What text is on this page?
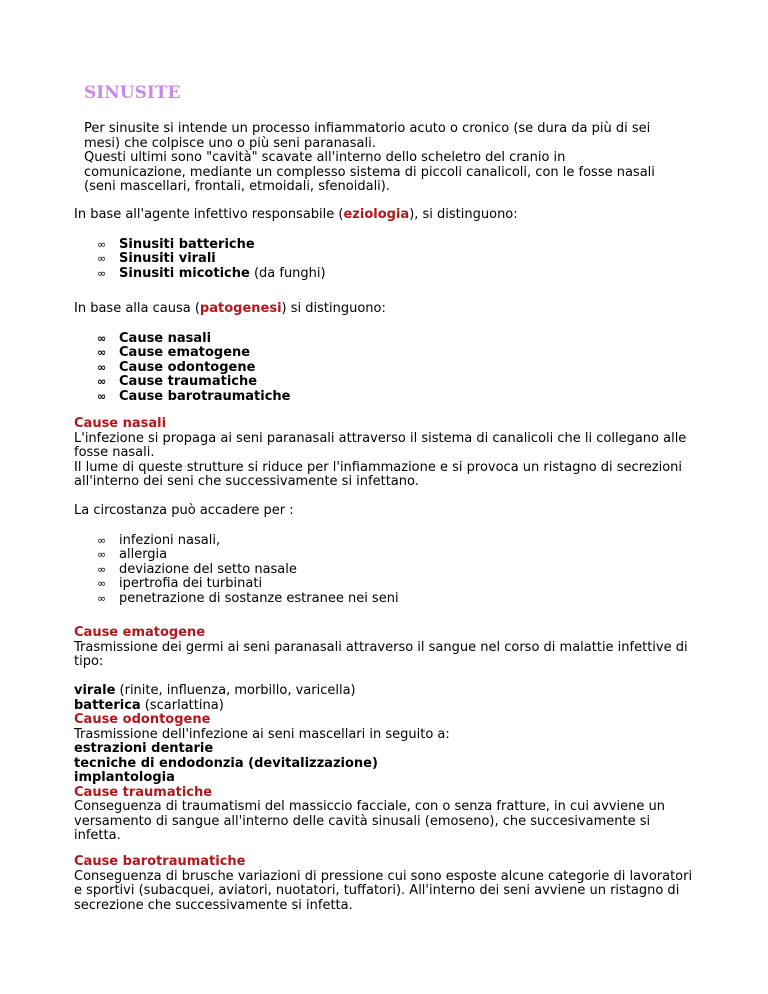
SINUSITE

Per sinusite si intende un processo infiammatorio acuto o cronico (se dura da più di sei

mesi) che colpisce uno o più seni paranasali.

Questi ultimi sono "cavità" scavate all'interno dello scheletro del cranio in

comunicazione, mediante un complesso sistema di piccoli canalicoli, con le fosse nasali

(seni mascellari, frontali, etmoidali, sfenoidali).

In base all'agente infettivo responsabile (eziologia), si distinguono:

∞ Sinusiti batteriche
∞ Sinusiti virali
∞ Sinusiti micotiche (da funghi)

In base alla causa (patogenesi) si distinguono:

∞ Cause nasali
∞ Cause ematogene
∞ Cause odontogene
∞ Cause traumatiche
∞ Cause barotraumatiche

Cause nasali

L'infezione si propaga ai seni paranasali attraverso il sistema di canalicoli che li collegano alle

fosse nasali.

Il lume di queste strutture si riduce per l'infiammazione e si provoca un ristagno di secrezioni

all'interno dei seni che successivamente si infettano.

La circostanza può accadere per :

∞ infezioni nasali,
∞ allergia
∞ deviazione del setto nasale
∞ ipertrofia dei turbinati
∞ penetrazione di sostanze estranee nei seni

Cause ematogene

Trasmissione dei germi ai seni paranasali attraverso il sangue nel corso di malattie infettive di

tipo:

virale (rinite, influenza, morbillo, varicella)

batterica (scarlattina)

Cause odontogene

Trasmissione dell'infezione ai seni mascellari in seguito a:

estrazioni dentarie

tecniche di endodonzia (devitalizzazione)

implantologia

Cause traumatiche

Conseguenza di traumatismi del massiccio facciale, con o senza fratture, in cui avviene un

versamento di sangue all'interno delle cavità sinusali (emoseno), che succesivamente si

infetta.

Cause barotraumatiche

Conseguenza di brusche variazioni di pressione cui sono esposte alcune categorie di lavoratori

e sportivi (subacquei, aviatori, nuotatori, tuffatori). All'interno dei seni avviene un ristagno di

secrezione che successivamente si infetta.
